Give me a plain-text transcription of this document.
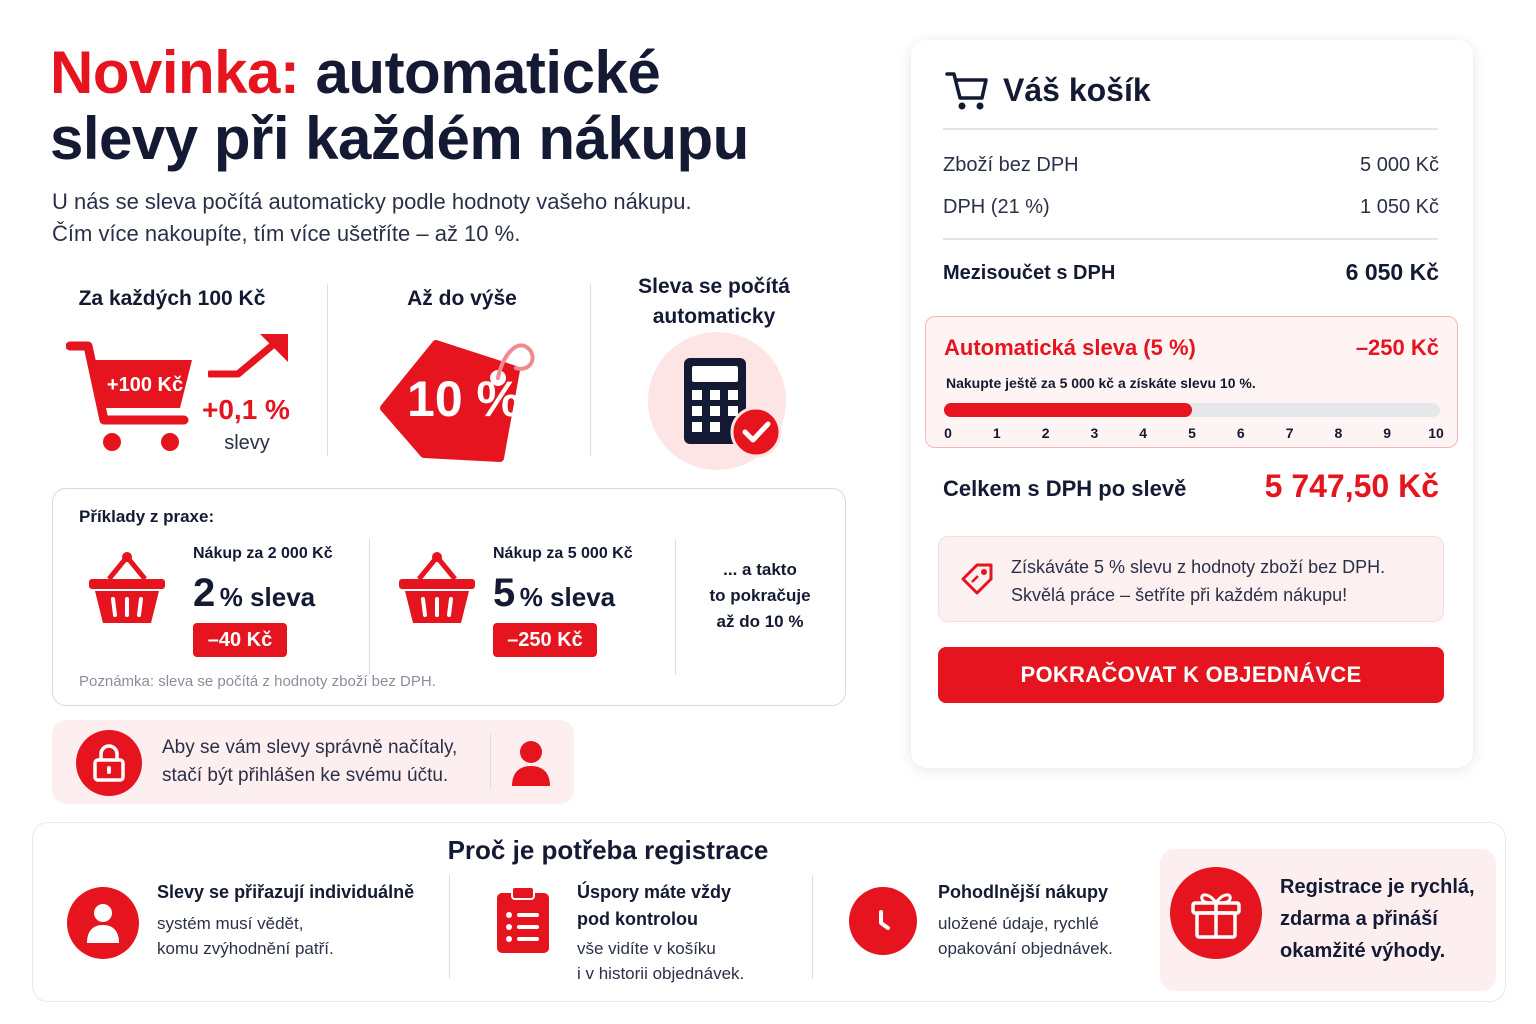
Novinka: automatické
slevy při každém nákupu
U nás se sleva počítá automaticky podle hodnoty vašeho nákupu.
Čím více nakoupíte, tím více ušetříte – až 10 %.
Za každých 100 Kč
+100 Kč
+0,1 %
slevy
Až do výše
10 %
Sleva se počítá
automaticky
Příklady z praxe:
Nákup za 2 000 Kč
2 % sleva
–40 Kč
Nákup za 5 000 Kč
5 % sleva
–250 Kč
... a takto
to pokračuje
až do 10 %
Poznámka: sleva se počítá z hodnoty zboží bez DPH.
Aby se vám slevy správně načítaly,
stačí být přihlášen ke svému účtu.
Váš košík
Zboží bez DPH	5 000 Kč
DPH (21 %)	1 050 Kč
Mezisoučet s DPH	6 050 Kč
Automatická sleva (5 %)	–250 Kč
Nakupte ještě za 5 000 kč a získáte slevu 10 %.
0	1	2	3	4	5	6	7	8	9	10
Celkem s DPH po slevě 5 747,50 Kč
Získáváte 5 % slevu z hodnoty zboží bez DPH.
Skvělá práce – šetříte při každém nákupu!
POKRAČOVAT K OBJEDNÁVCE
Proč je potřeba registrace
Slevy se přiřazují individuálně
systém musí vědět,
komu zvýhodnění patří.
Úspory máte vždy
pod kontrolou
vše vidíte v košíku
i v historii objednávek.
Pohodlnější nákupy
uložené údaje, rychlé
opakování objednávek.
Registrace je rychlá,
zdarma a přináší
okamžité výhody.
